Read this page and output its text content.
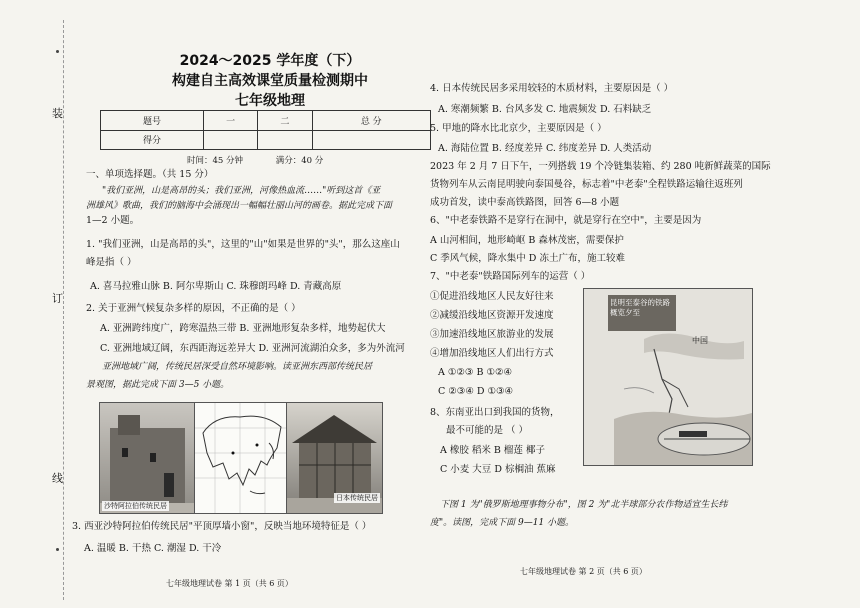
装
订
线
2024～2025 学年度（下）
构建自主高效课堂质量检测期中
七年级地理
题号	一	二	总 分
得分			
时间：45 分钟	满分：40 分
一、单项选择题。（共 15 分）
"我们亚洲，山是高昂的头；我们亚洲，河像热血流……"听到这首《亚
洲雄风》歌曲，我们的脑海中会涌现出一幅幅壮丽山河的画卷。据此完成下面
1—2 小题。
1. "我们亚洲，山是高昂的头"，这里的"山"如果是世界的"头"，那么这座山
峰是指（ ）
A. 喜马拉雅山脉 B. 阿尔卑斯山 C. 珠穆朗玛峰 D. 青藏高原
2. 关于亚洲气候复杂多样的原因，不正确的是（ ）
A. 亚洲跨纬度广，跨寒温热三带 B. 亚洲地形复杂多样，地势起伏大
C. 亚洲地域辽阔，东西距海远差异大 D. 亚洲河流湖泊众多，多为外流河
亚洲地域广阔，传统民居深受自然环境影响。读亚洲东西部传统民居
景观图，据此完成下面 3—5 小题。
沙特阿拉伯传统民居
日本传统民居
3. 西亚沙特阿拉伯传统民居"平顶厚墙小窗"，反映当地环境特征是（ ）
A. 温暖 B. 干热 C. 潮湿 D. 干冷
七年级地理试卷 第 1 页（共 6 页）
4. 日本传统民居多采用较轻的木质材料，主要原因是（ ）
A. 寒潮频繁 B. 台风多发 C. 地震频发 D. 石料缺乏
5. 甲地的降水比北京少，主要原因是（ ）
A. 海陆位置 B. 经度差异 C. 纬度差异 D. 人类活动
2023 年 2 月 7 日下午，一列搭载 19 个冷链集装箱、约 280 吨新鲜蔬菜的国际
货物列车从云南昆明驶向泰国曼谷，标志着"中老泰"全程铁路运输往返班列
成功首发，读中泰高铁路图，回答 6—8 小题
6、"中老泰铁路不是穿行在洞中，就是穿行在空中"，主要是因为
A 山河相间，地形崎岖 B 森林茂密，需要保护
C 季风气候，降水集中 D 冻土广布，施工较难
7、"中老泰"铁路国际列车的运营（ ）
①促进沿线地区人民友好往来
②减缓沿线地区资源开发速度
③加速沿线地区旅游业的发展
④增加沿线地区人们出行方式
A ①②③ B ①②④
C ②③④ D ①③④
8、东南亚出口到我国的货物，
最不可能的是 （ ）
A 橡胶 稻米 B 榴莲 椰子
C 小麦 大豆 D 棕榈油 蕉麻
昆明至泰谷的铁路
概览夕至
中国
下图 1 为"俄罗斯地理事物分布"，图 2 为"北半球部分农作物适宜生长纬
度"。读图，完成下面 9—11 小题。
七年级地理试卷 第 2 页（共 6 页）
